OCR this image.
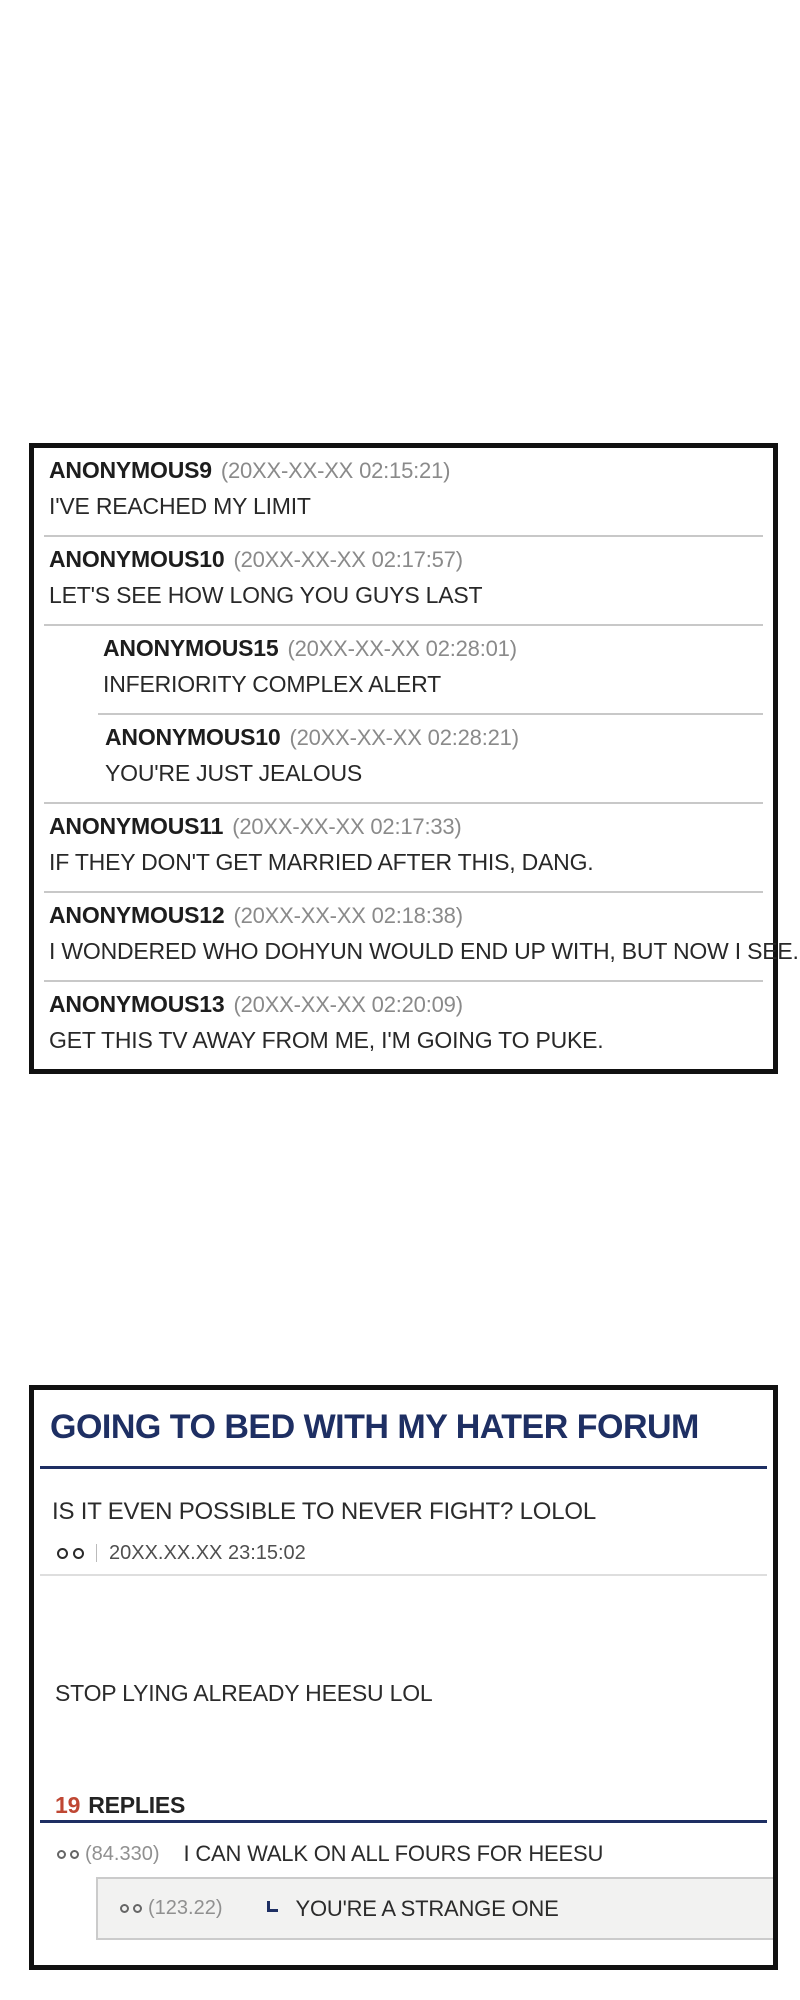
ANONYMOUS9 (20XX-XX-XX 02:15:21)
I'VE REACHED MY LIMIT
ANONYMOUS10 (20XX-XX-XX 02:17:57)
LET'S SEE HOW LONG YOU GUYS LAST
ANONYMOUS15 (20XX-XX-XX 02:28:01)
INFERIORITY COMPLEX ALERT
ANONYMOUS10 (20XX-XX-XX 02:28:21)
YOU'RE JUST JEALOUS
ANONYMOUS11 (20XX-XX-XX 02:17:33)
IF THEY DON'T GET MARRIED AFTER THIS, DANG.
ANONYMOUS12 (20XX-XX-XX 02:18:38)
I WONDERED WHO DOHYUN WOULD END UP WITH, BUT NOW I SEE.
ANONYMOUS13 (20XX-XX-XX 02:20:09)
GET THIS TV AWAY FROM ME, I'M GOING TO PUKE.
GOING TO BED WITH MY HATER FORUM
IS IT EVEN POSSIBLE TO NEVER FIGHT? LOLOL
20XX.XX.XX 23:15:02
STOP LYING ALREADY HEESU LOL
19 REPLIES
(84.330) I CAN WALK ON ALL FOURS FOR HEESU
(123.22)	YOU'RE A STRANGE ONE
